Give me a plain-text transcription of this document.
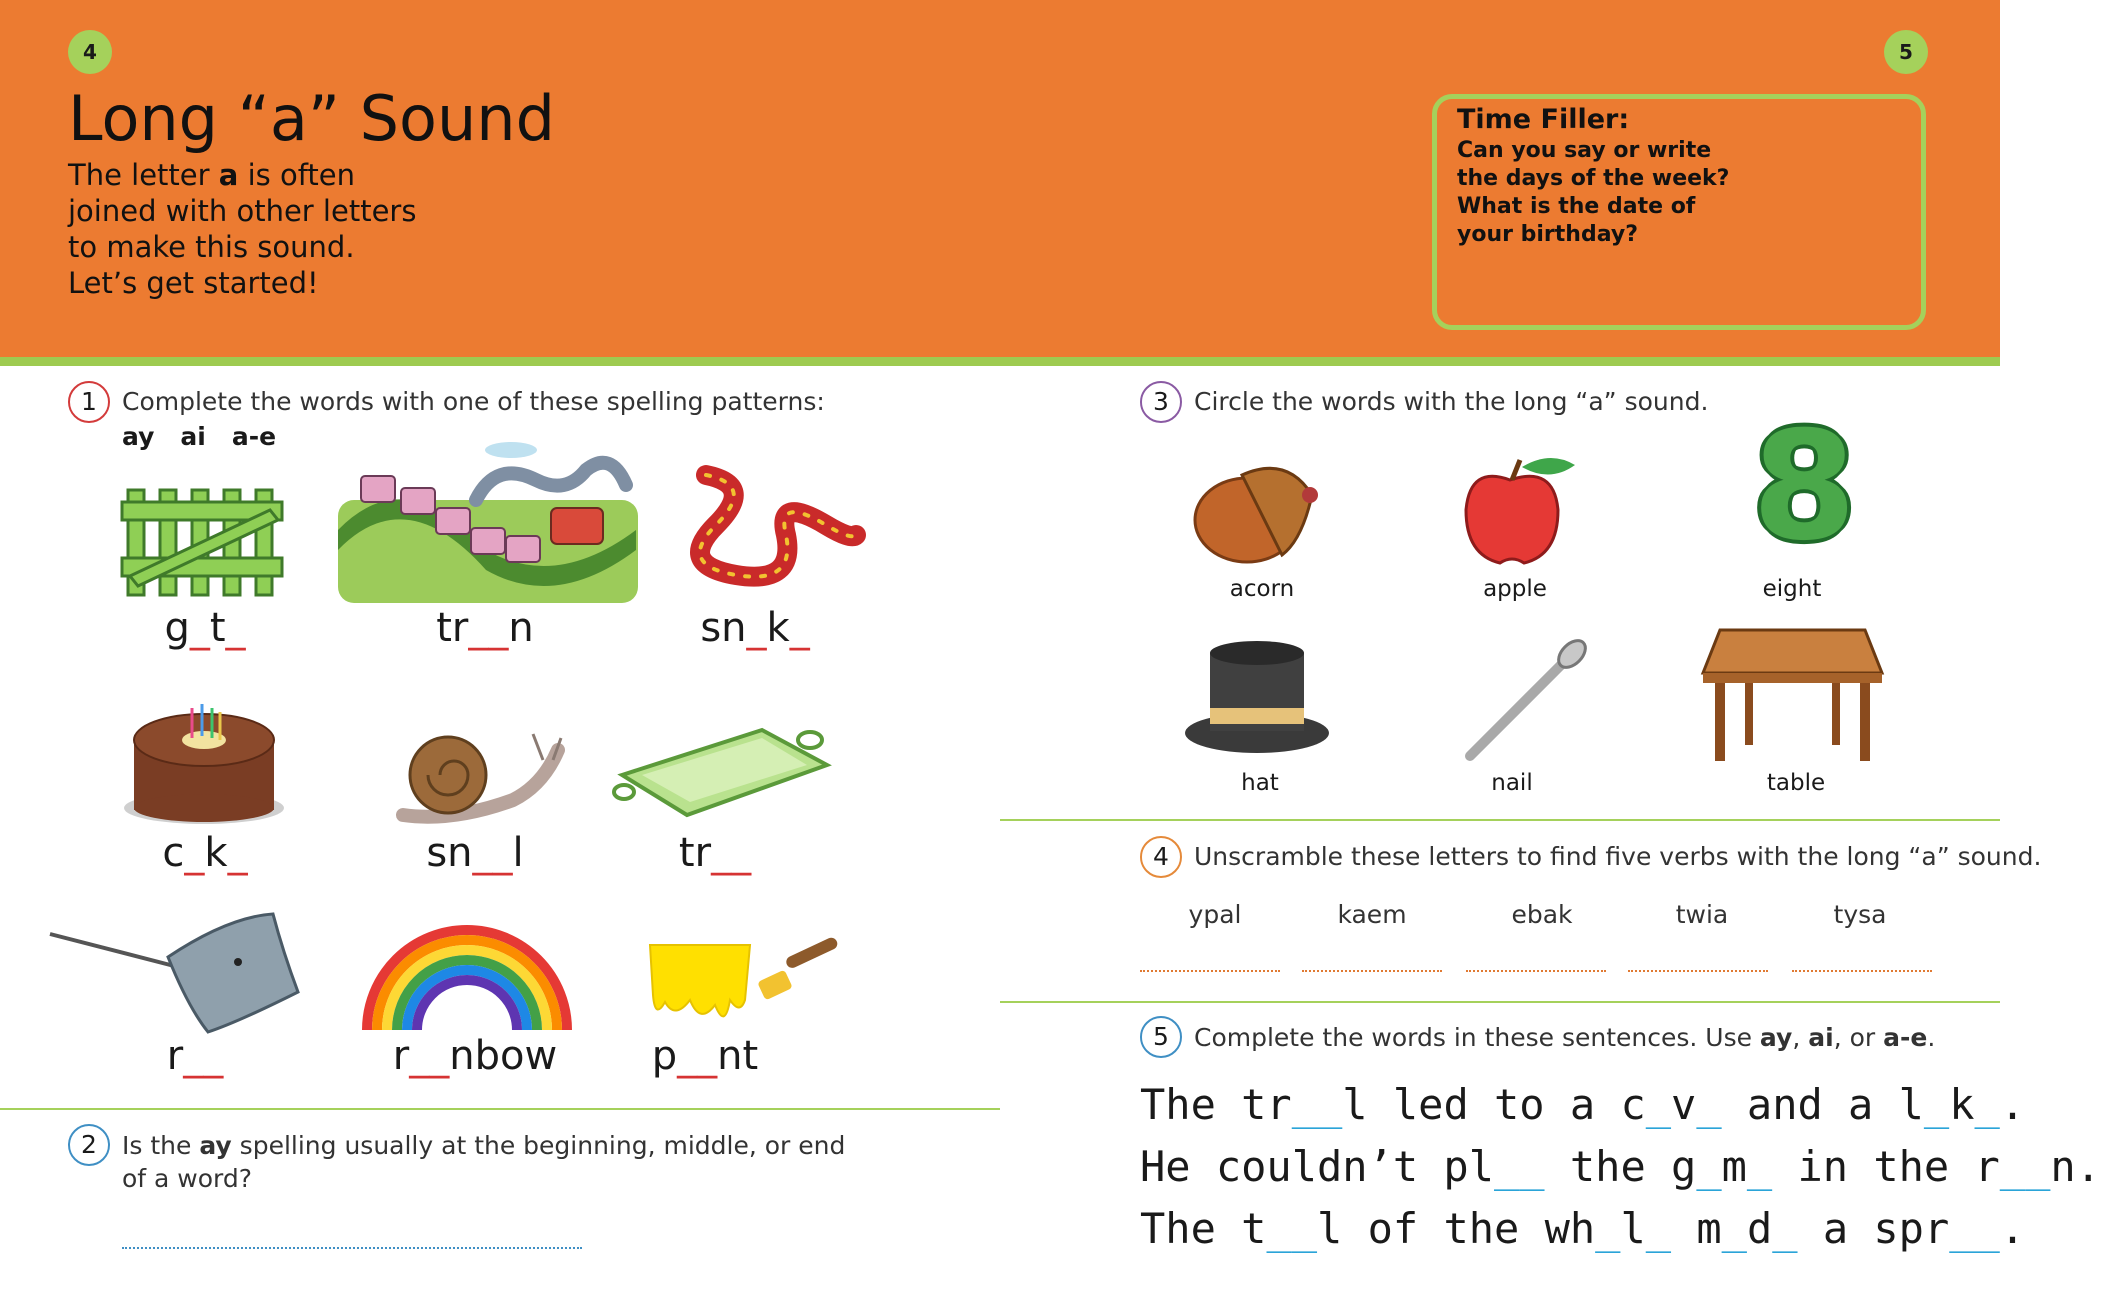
4	5
Long “a” Sound
The letter a is often
joined with other letters
to make this sound.
Let’s get started!
Time Filler:
Can you say or write
the days of the week?
What is the date of
your birthday?
1	Complete the words with one of these spelling patterns:
ay ai a-e
g_t_	tr__n	sn_k_
c_k_	sn__l	tr__
r__	r__nbow	p__nt
2	Is the ay spelling usually at the beginning, middle, or end
of a word?
3	Circle the words with the long “a” sound. 8
acorn	apple	eight
hat	nail	table
4	Unscramble these letters to find five verbs with the long “a” sound.
ypal	kaem	ebak	twia	tysa
5	Complete the words in these sentences. Use ay, ai, or a-e.
The tr__l led to a c_v_ and a l_k_.
He couldn’t pl__ the g_m_ in the r__n.
The t__l of the wh_l_ m_d_ a spr__.
